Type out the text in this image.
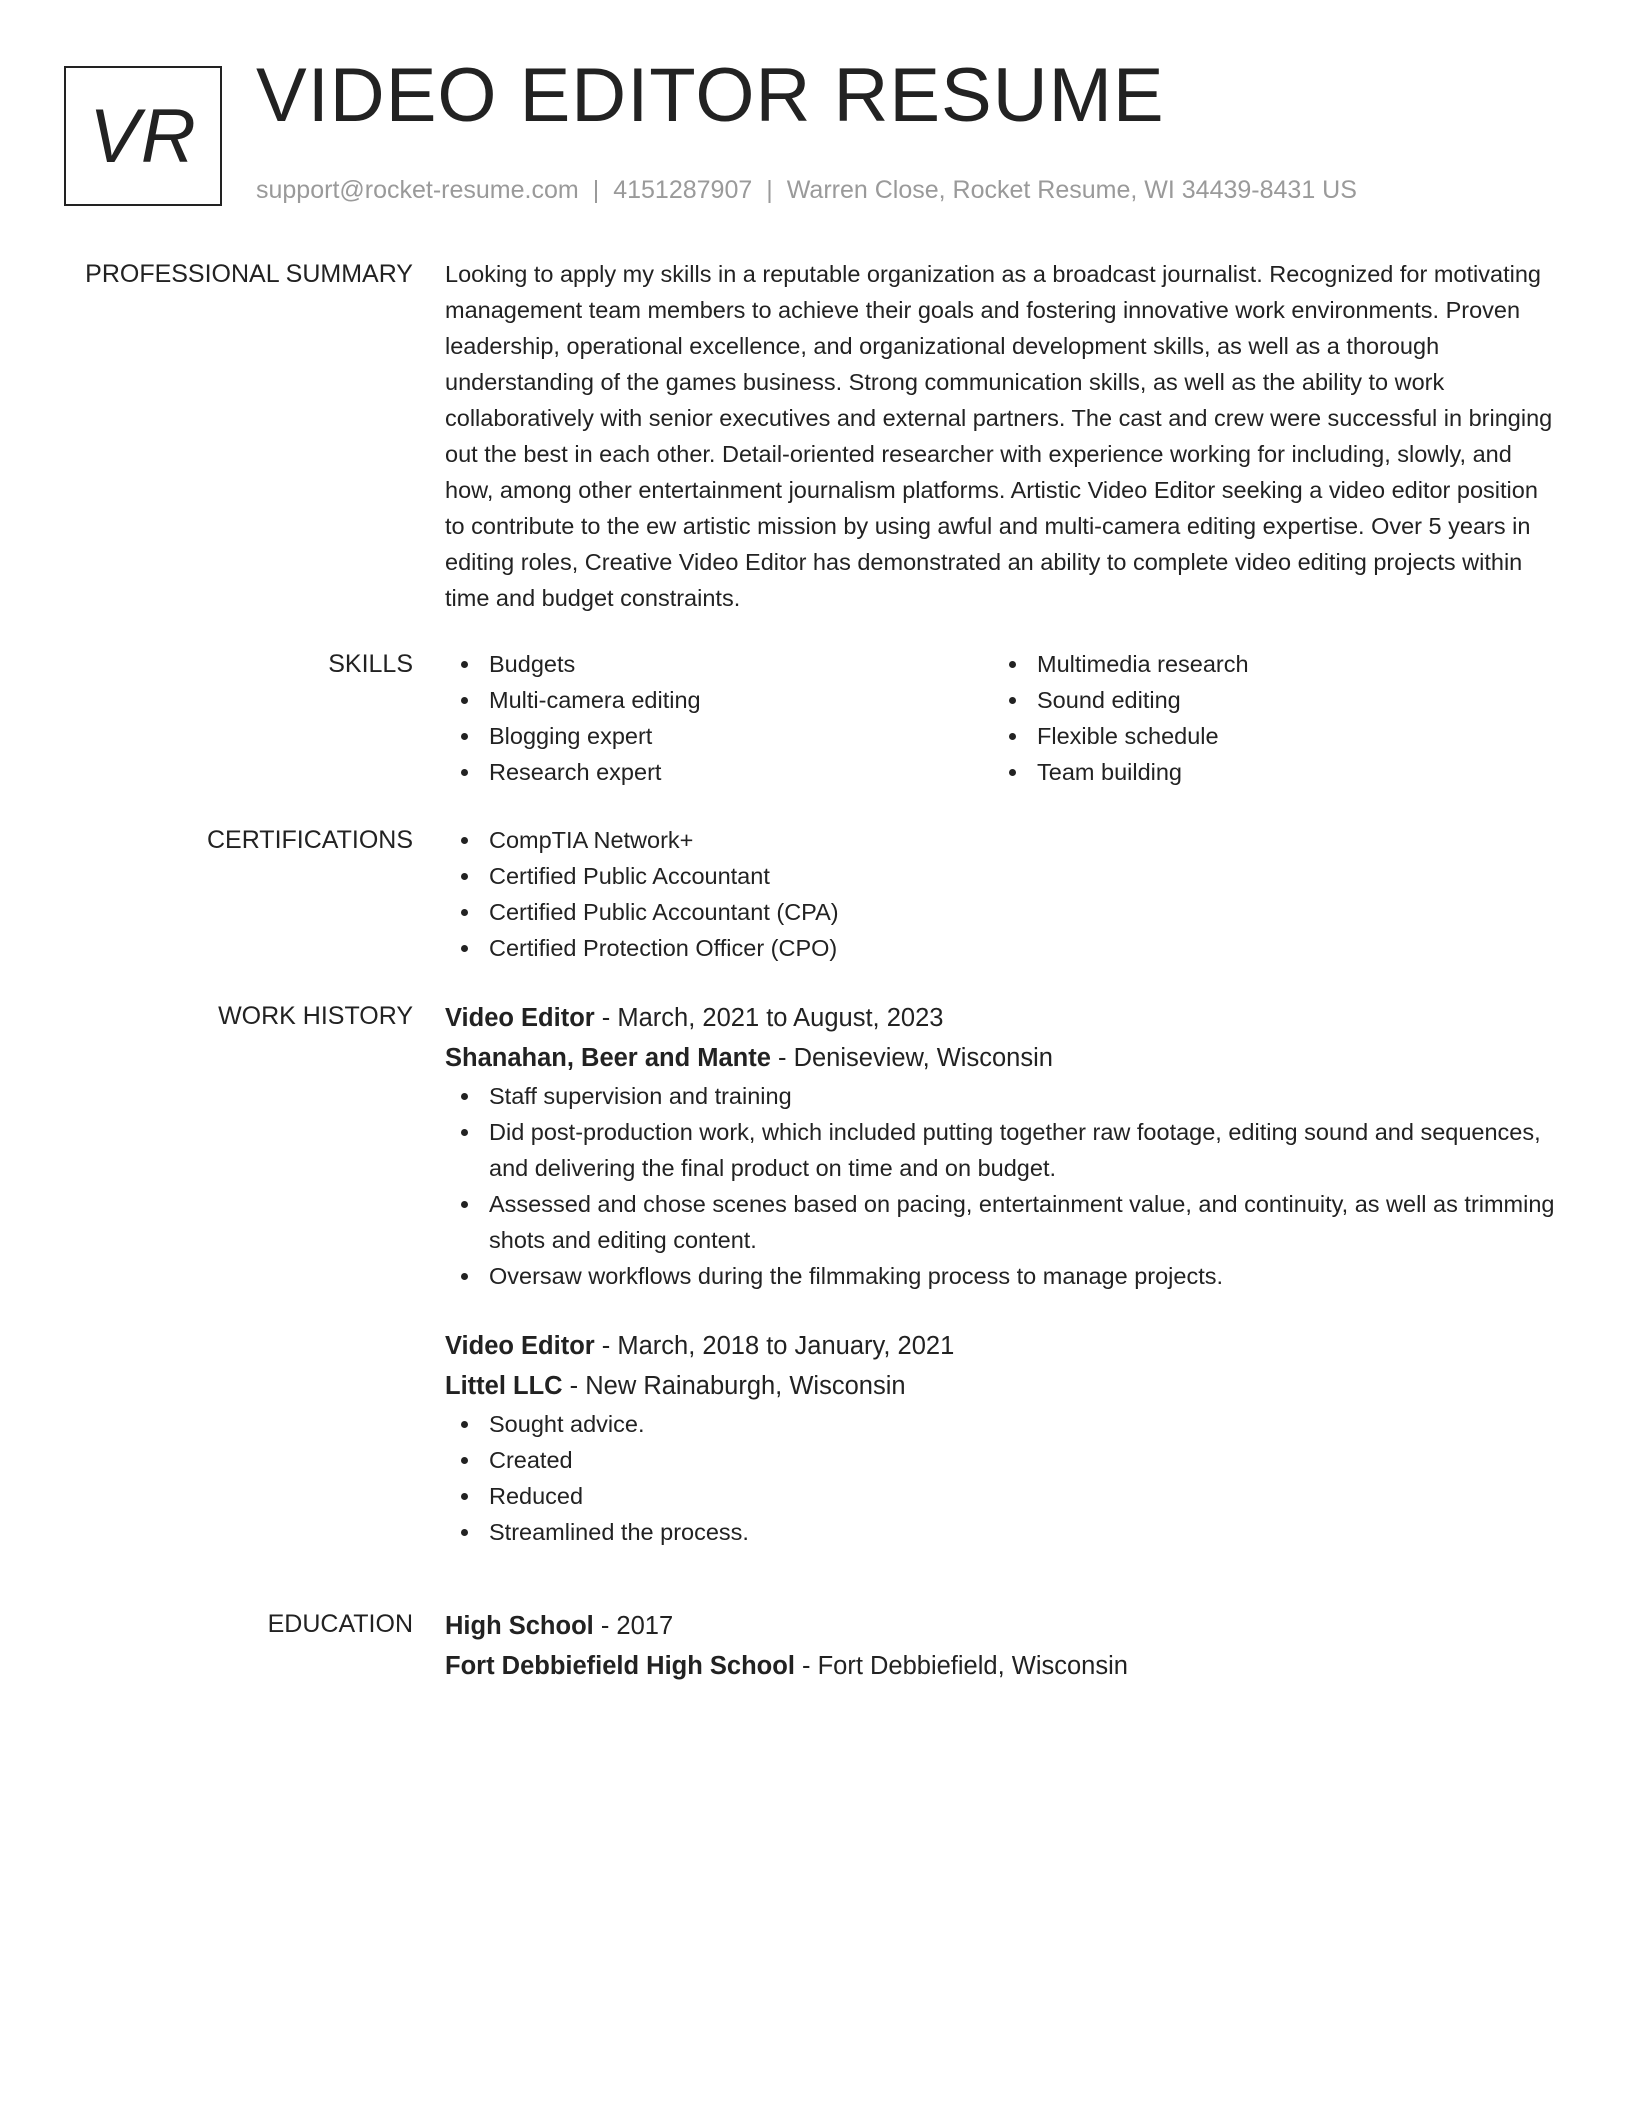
VR VIDEO EDITOR RESUME
support@rocket-resume.com | 4151287907 | Warren Close, Rocket Resume, WI 34439-8431 US
PROFESSIONAL SUMMARY Looking to apply my skills in a reputable organization as a broadcast journalist. Recognized for motivating management team members to achieve their goals and fostering innovative work environments. Proven leadership, operational excellence, and organizational development skills, as well as a thorough understanding of the games business. Strong communication skills, as well as the ability to work collaboratively with senior executives and external partners. The cast and crew were successful in bringing out the best in each other. Detail-oriented researcher with experience working for including, slowly, and how, among other entertainment journalism platforms. Artistic Video Editor seeking a video editor position to contribute to the ew artistic mission by using awful and multi-camera editing expertise. Over 5 years in editing roles, Creative Video Editor has demonstrated an ability to complete video editing projects within time and budget constraints.

SKILLS	Budgets
Multi-camera editing
Blogging expert
Research expert
Multimedia research
Sound editing
Flexible schedule
Team building
CERTIFICATIONS	CompTIA Network+
Certified Public Accountant
Certified Public Accountant (CPA)
Certified Protection Officer (CPO)
WORK HISTORY Video Editor - March, 2021 to August, 2023
Shanahan, Beer and Mante - Deniseview, Wisconsin
Staff supervision and training
Did post-production work, which included putting together raw footage, editing sound and sequences, and delivering the final product on time and on budget.
Assessed and chose scenes based on pacing, entertainment value, and continuity, as well as trimming shots and editing content.
Oversaw workflows during the filmmaking process to manage projects.
Video Editor - March, 2018 to January, 2021
Littel LLC - New Rainaburgh, Wisconsin
Sought advice.
Created
Reduced
Streamlined the process.
EDUCATION High School - 2017
Fort Debbiefield High School - Fort Debbiefield, Wisconsin
